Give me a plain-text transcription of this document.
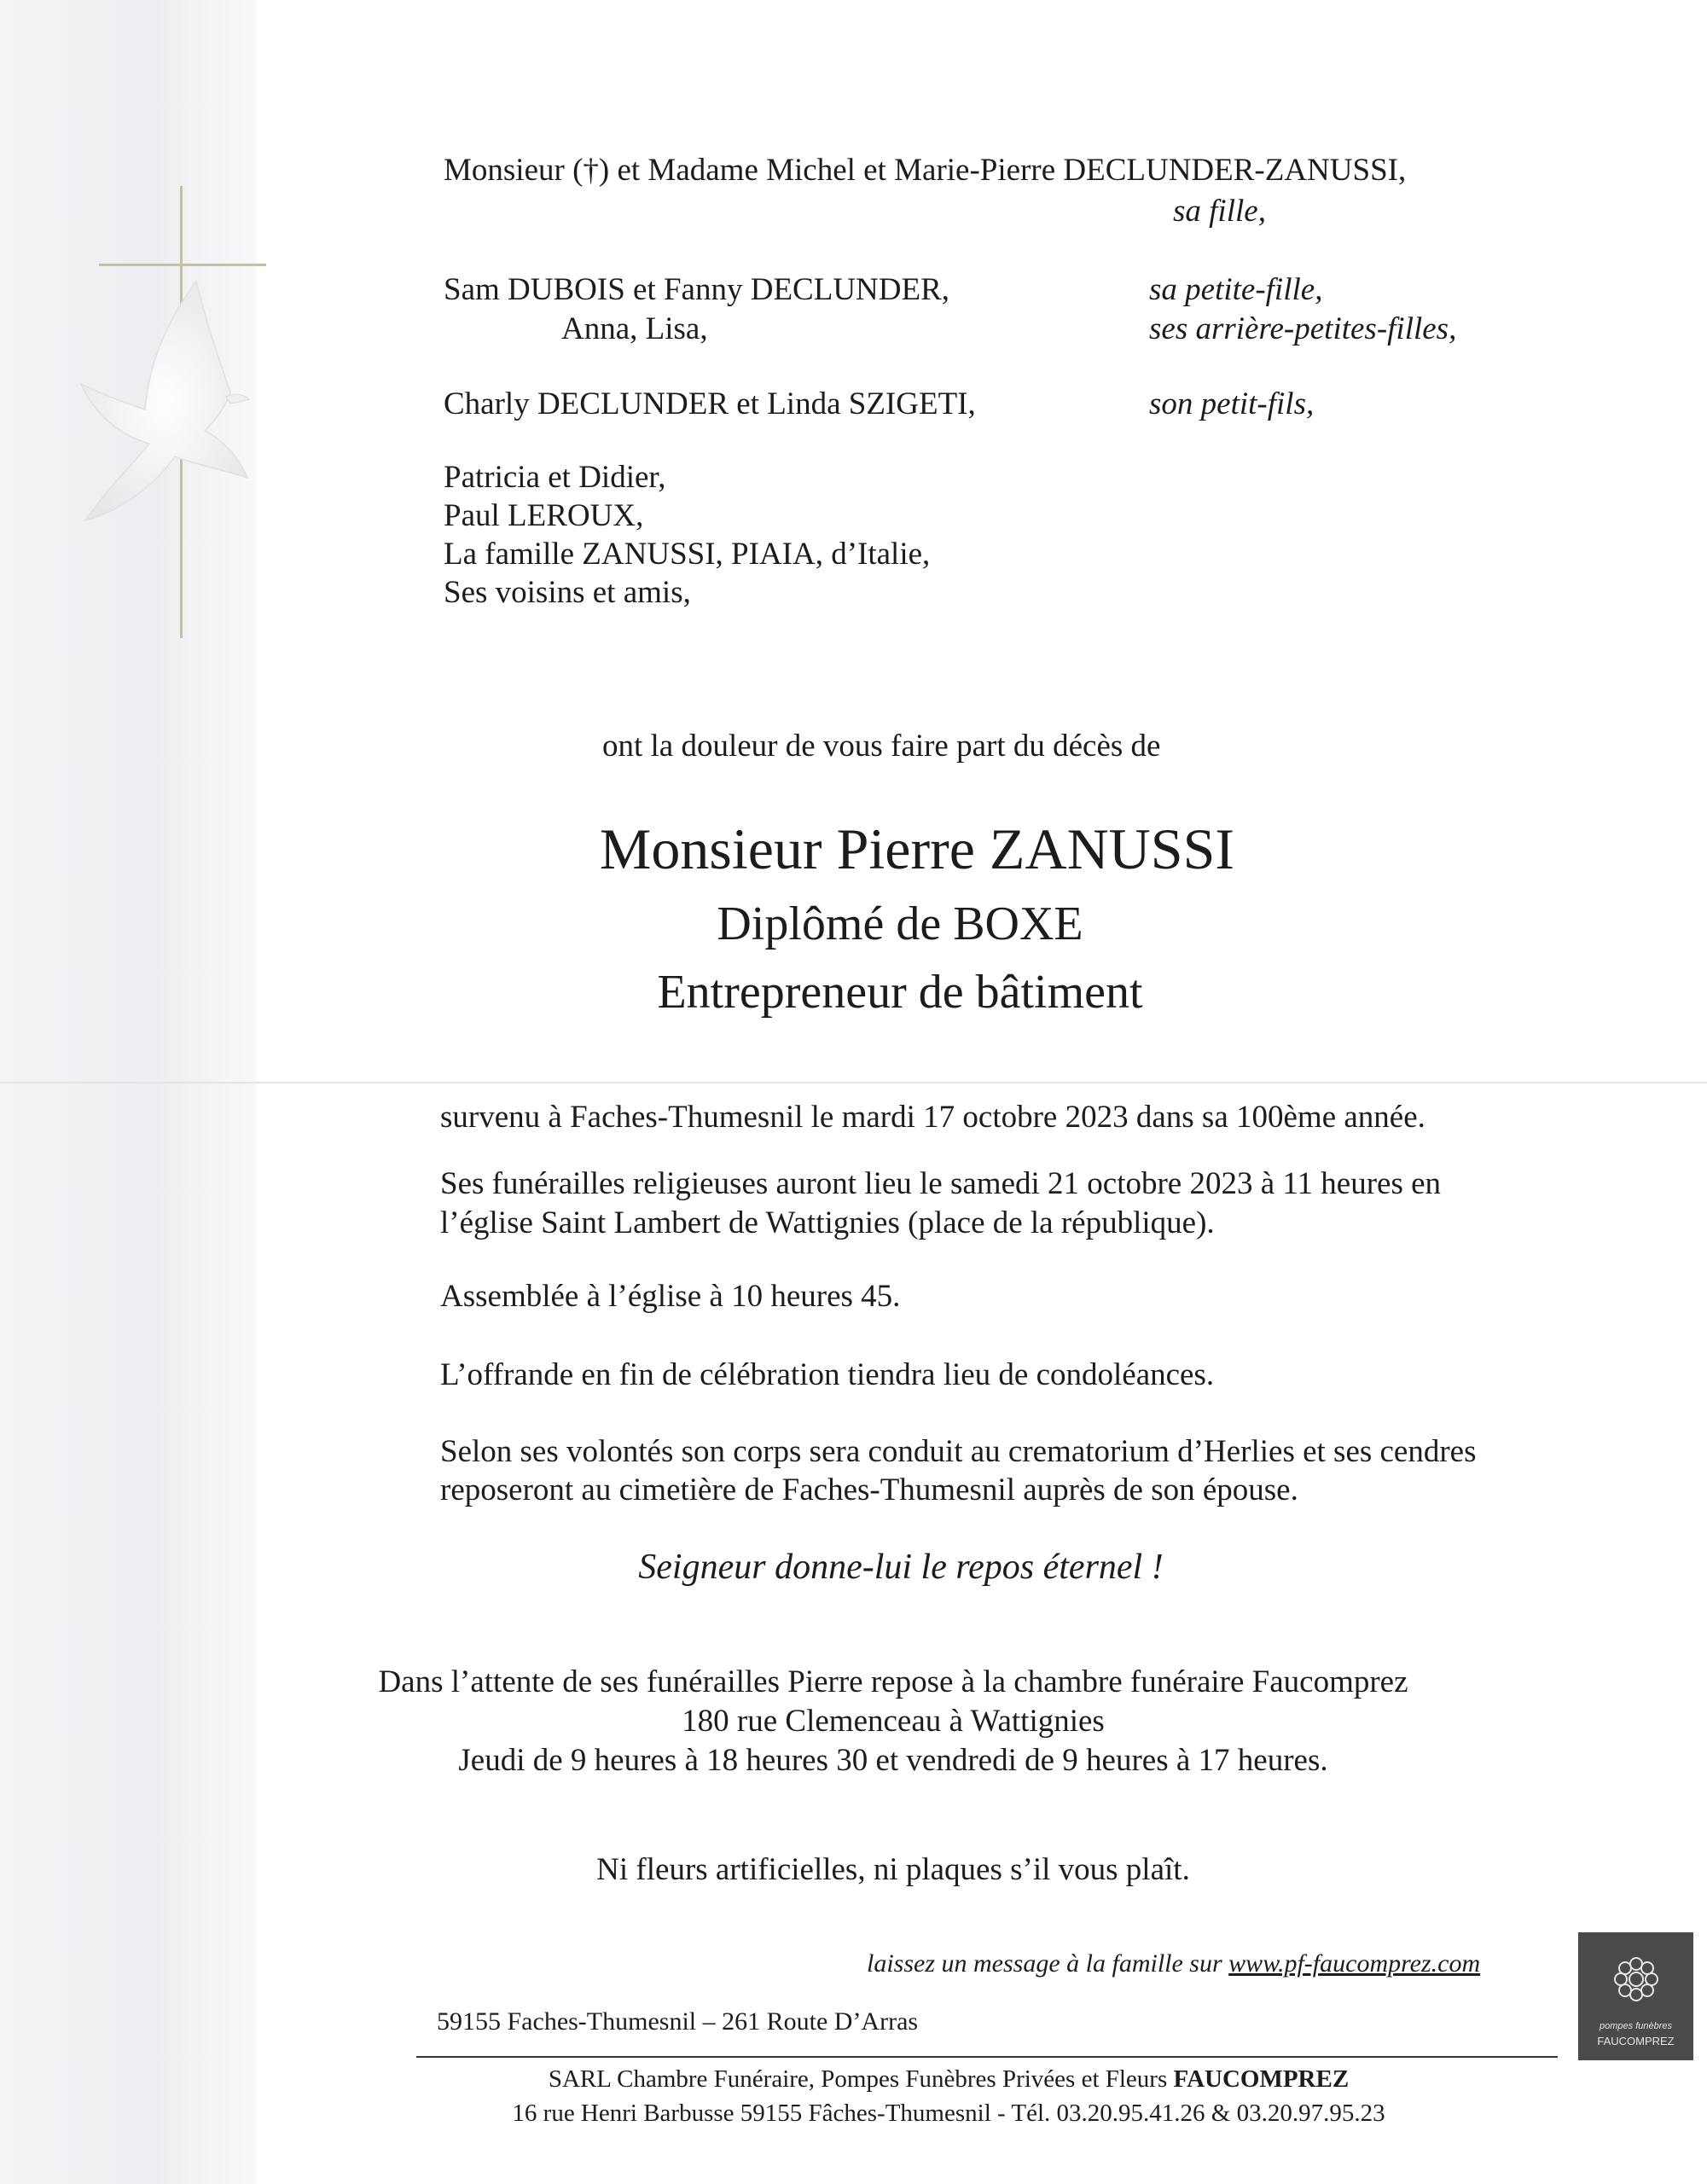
Monsieur (†) et Madame Michel et Marie-Pierre DECLUNDER-ZANUSSI,
sa fille,
Sam DUBOIS et Fanny DECLUNDER,	sa petite-fille,
Anna, Lisa,	ses arrière-petites-filles,
Charly DECLUNDER et Linda SZIGETI,	son petit-fils,
Patricia et Didier,
Paul LEROUX,
La famille ZANUSSI, PIAIA, d’Italie,
Ses voisins et amis,
ont la douleur de vous faire part du décès de
Monsieur Pierre ZANUSSI
Diplômé de BOXE
Entrepreneur de bâtiment
survenu à Faches-Thumesnil le mardi 17 octobre 2023 dans sa 100ème année.
Ses funérailles religieuses auront lieu le samedi 21 octobre 2023 à 11 heures en
l’église Saint Lambert de Wattignies (place de la république).
Assemblée à l’église à 10 heures 45.
L’offrande en fin de célébration tiendra lieu de condoléances.
Selon ses volontés son corps sera conduit au crematorium d’Herlies et ses cendres
reposeront au cimetière de Faches-Thumesnil auprès de son épouse.
Seigneur donne-lui le repos éternel !
Dans l’attente de ses funérailles Pierre repose à la chambre funéraire Faucomprez
180 rue Clemenceau à Wattignies
Jeudi de 9 heures à 18 heures 30 et vendredi de 9 heures à 17 heures.
Ni fleurs artificielles, ni plaques s’il vous plaît.
laissez un message à la famille sur www.pf-faucomprez.com
59155 Faches-Thumesnil – 261 Route D’Arras
SARL Chambre Funéraire, Pompes Funèbres Privées et Fleurs FAUCOMPREZ
16 rue Henri Barbusse 59155 Fâches-Thumesnil - Tél. 03.20.95.41.26 & 03.20.97.95.23
pompes funèbres
FAUCOMPREZ
